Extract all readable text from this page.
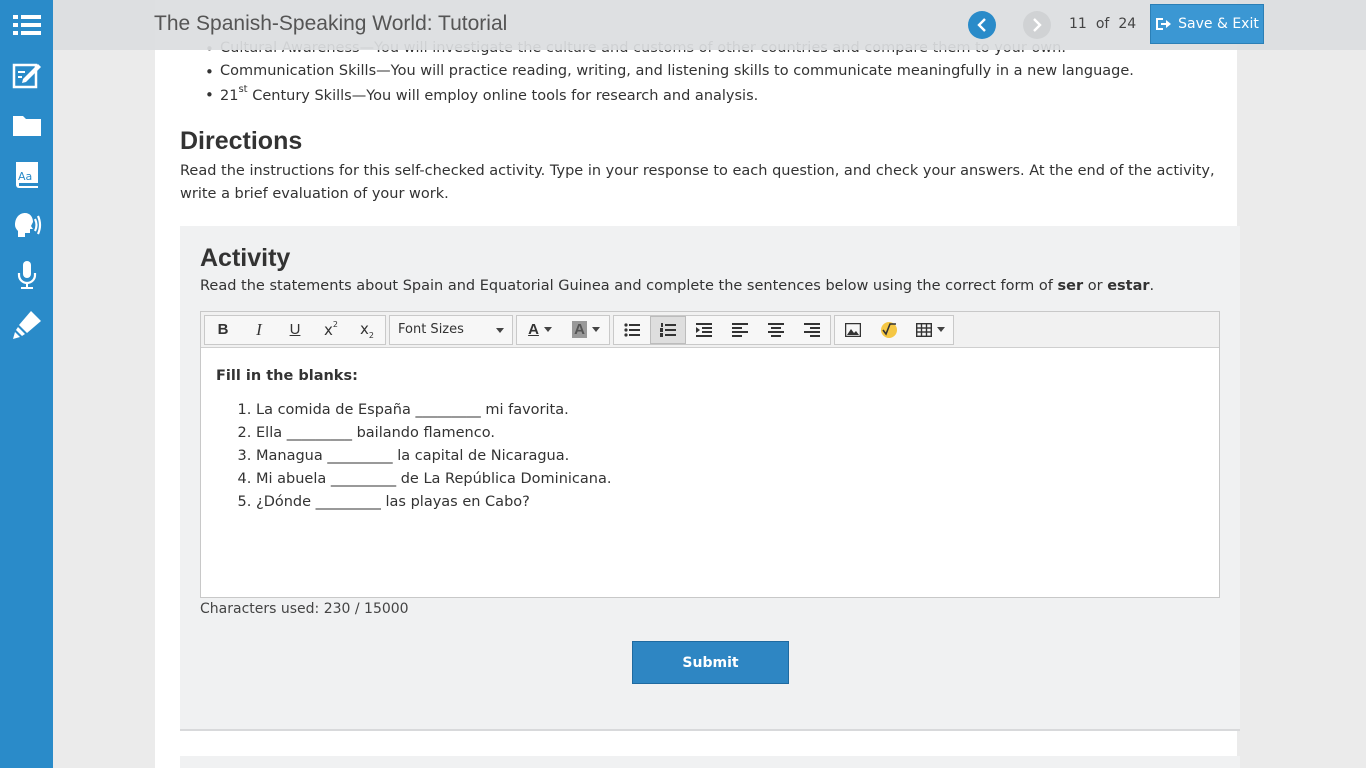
Aa
•
• Communication Skills—You will practice reading, writing, and listening skills to communicate meaningfully in a new language.
• 21st Century Skills—You will employ online tools for research and analysis.
Directions
Read the instructions for this self-checked activity. Type in your response to each question, and check your answers. At the end of the activity, write a brief evaluation of your work.
Activity
Read the statements about Spain and Equatorial Guinea and complete the sentences below using the correct form of ser or estar.
B I U $x^2$ $x_2$ Font Sizes	A A
Fill in the blanks:
1. La comida de España _________ mi favorita.
2. Ella _________ bailando flamenco.
3. Managua _________ la capital de Nicaragua.
4. Mi abuela _________ de La República Dominicana.
5. ¿Dónde _________ las playas en Cabo?
Characters used: 230 / 15000
Submit
The Spanish-Speaking World: Tutorial	11 of 24	Save & Exit
